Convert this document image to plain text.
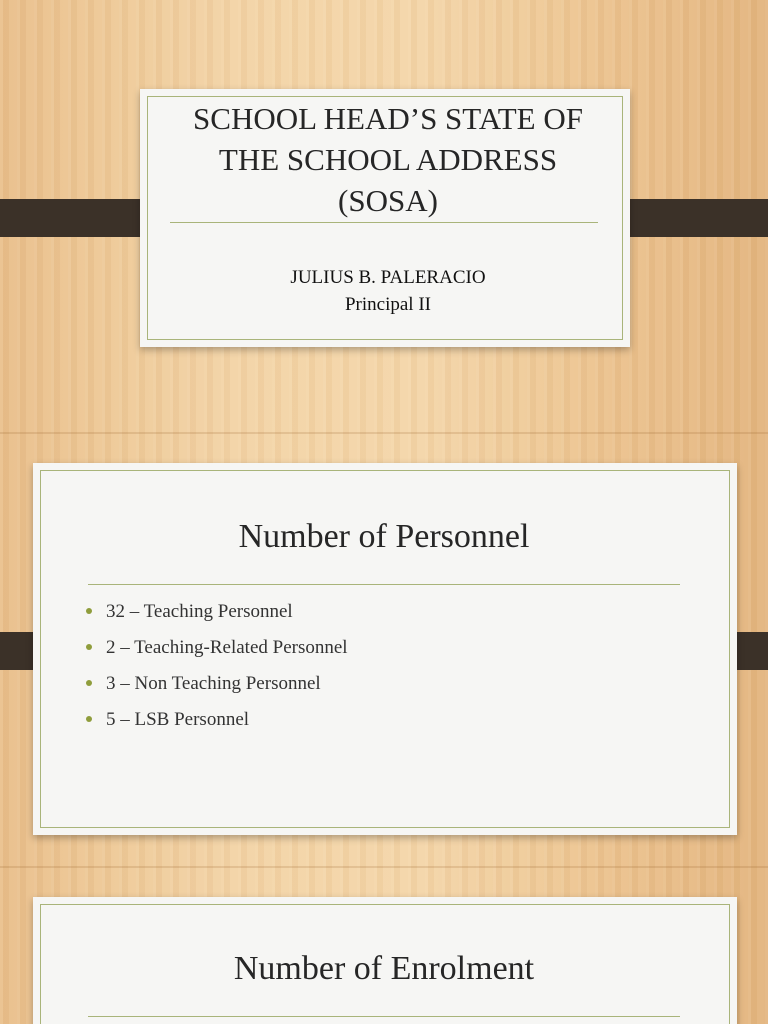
SCHOOL HEAD’S STATE OF
THE SCHOOL ADDRESS
(SOSA)
JULIUS B. PALERACIO
Principal II
Number of Personnel
32 – Teaching Personnel
2 – Teaching-Related Personnel
3 – Non Teaching Personnel
5 – LSB Personnel
Number of Enrolment
